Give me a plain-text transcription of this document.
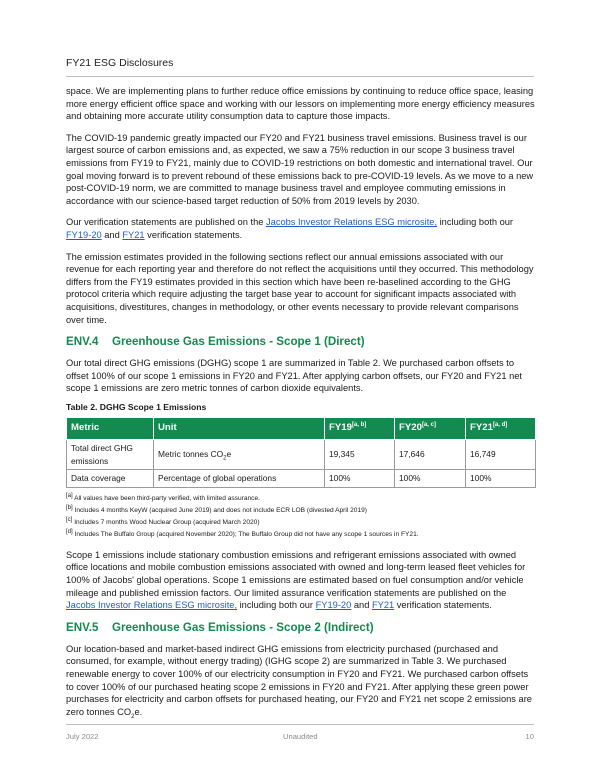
FY21 ESG Disclosures

space. We are implementing plans to further reduce office emissions by continuing to reduce office space, leasing more energy efficient office space and working with our lessors on implementing more energy efficiency measures and obtaining more accurate utility consumption data to capture those impacts.

The COVID-19 pandemic greatly impacted our FY20 and FY21 business travel emissions. Business travel is our largest source of carbon emissions and, as expected, we saw a 75% reduction in our scope 3 business travel emissions from FY19 to FY21, mainly due to COVID-19 restrictions on both domestic and international travel. Our goal moving forward is to prevent rebound of these emissions back to pre-COVID-19 levels. As we move to a new post-COVID-19 norm, we are committed to manage business travel and employee commuting emissions in accordance with our science-based target reduction of 50% from 2019 levels by 2030.

Our verification statements are published on the Jacobs Investor Relations ESG microsite, including both our FY19-20 and FY21 verification statements.

The emission estimates provided in the following sections reflect our annual emissions associated with our revenue for each reporting year and therefore do not reflect the acquisitions until they occurred. This methodology differs from the FY19 estimates provided in this section which have been re-baselined according to the GHG protocol criteria which require adjusting the target base year to account for significant impacts associated with acquisitions, divestitures, changes in methodology, or other events necessary to provide relevant comparisons over time.

ENV.4 Greenhouse Gas Emissions - Scope 1 (Direct)

Our total direct GHG emissions (DGHG) scope 1 are summarized in Table 2. We purchased carbon offsets to offset 100% of our scope 1 emissions in FY20 and FY21. After applying carbon offsets, our FY20 and FY21 net scope 1 emissions are zero metric tonnes of carbon dioxide equivalents.

Table 2. DGHG Scope 1 Emissions
Metric	Unit	FY19[a, b]	FY20[a, c]	FY21[a, d]
Total direct GHG emissions	Metric tonnes $CO_2e$	19,345	17,646	16,749
Data coverage	Percentage of global operations	100%	100%	100%
[a] All values have been third-party verified, with limited assurance.
[b] Includes 4 months KeyW (acquired June 2019) and does not include ECR LOB (divested April 2019)
[c] Includes 7 months Wood Nuclear Group (acquired March 2020)
[d] Includes The Buffalo Group (acquired November 2020); The Buffalo Group did not have any scope 1 sources in FY21.

Scope 1 emissions include stationary combustion emissions and refrigerant emissions associated with owned office locations and mobile combustion emissions associated with owned and long-term leased fleet vehicles for 100% of Jacobs' global operations. Scope 1 emissions are estimated based on fuel consumption and/or vehicle mileage and published emission factors. Our limited assurance verification statements are published on the Jacobs Investor Relations ESG microsite, including both our FY19-20 and FY21 verification statements.

ENV.5 Greenhouse Gas Emissions - Scope 2 (Indirect)

Our location-based and market-based indirect GHG emissions from electricity purchased (purchased and consumed, for example, without energy trading) (IGHG scope 2) are summarized in Table 3. We purchased renewable energy to cover 100% of our electricity consumption in FY20 and FY21. We purchased carbon offsets to cover 100% of our purchased heating scope 2 emissions in FY20 and FY21. After applying these green power purchases for electricity and carbon offsets for purchased heating, our FY20 and FY21 net scope 2 emissions are zero tonnes $CO_2e$.

July 2022	Unaudited	10
